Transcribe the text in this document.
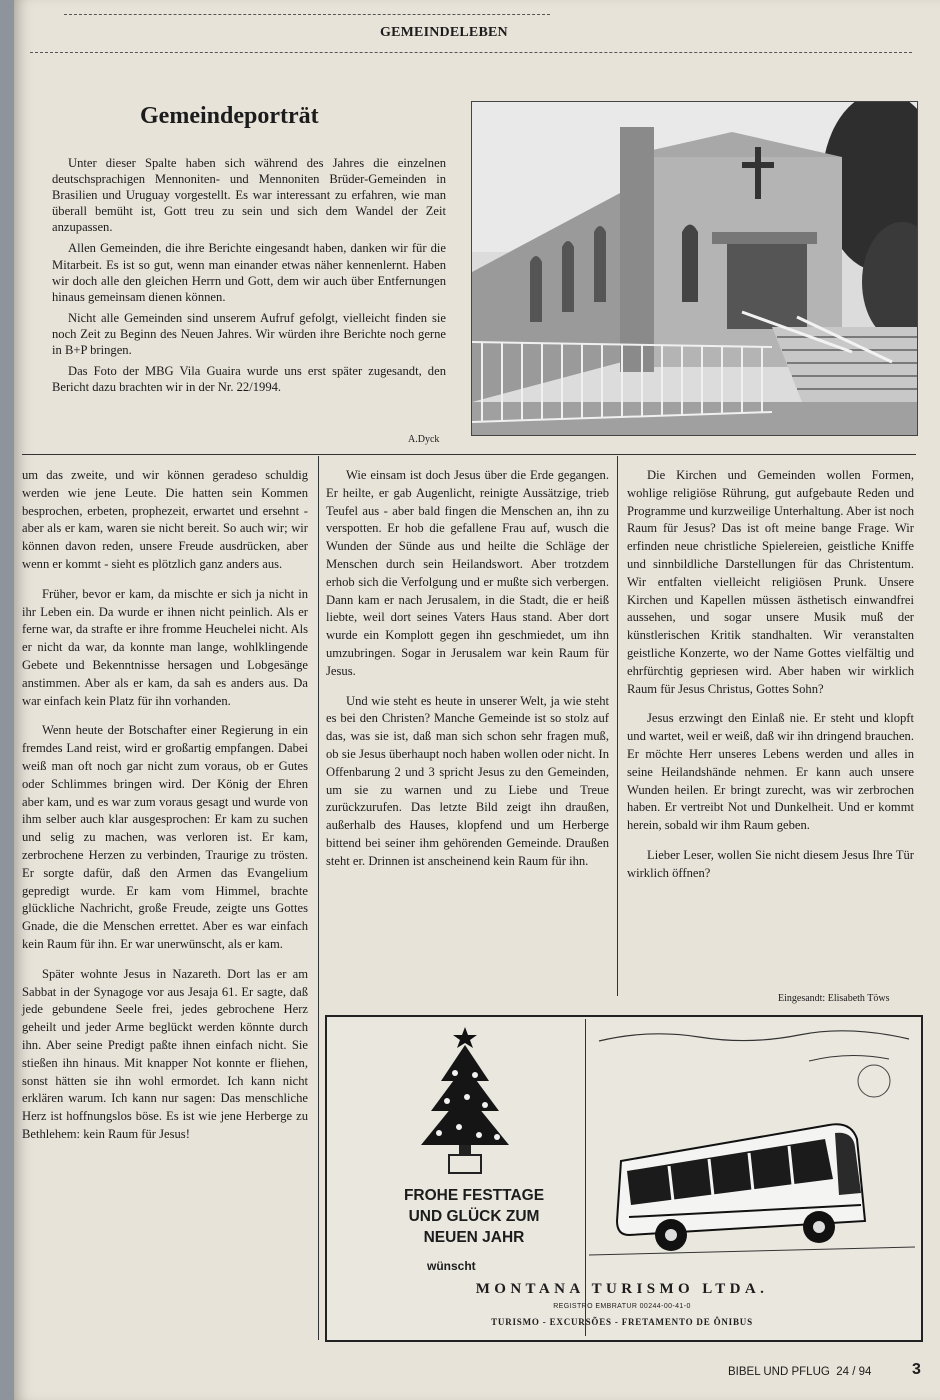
GEMEINDELEBEN
Gemeindeporträt

Unter dieser Spalte haben sich während des Jahres die einzelnen deutschsprachigen Mennoniten- und Mennoniten Brüder-Gemeinden in Brasilien und Uruguay vorgestellt. Es war interessant zu erfahren, wie man überall bemüht ist, Gott treu zu sein und sich dem Wandel der Zeit anzupassen.

Allen Gemeinden, die ihre Berichte eingesandt haben, danken wir für die Mitarbeit. Es ist so gut, wenn man einander etwas näher kennenlernt. Haben wir doch alle den gleichen Herrn und Gott, dem wir auch über Entfernungen hinaus gemeinsam dienen können.

Nicht alle Gemeinden sind unserem Aufruf gefolgt, vielleicht finden sie noch Zeit zu Beginn des Neuen Jahres. Wir würden ihre Berichte noch gerne in B+P bringen.

Das Foto der MBG Vila Guaira wurde uns erst später zugesandt, den Bericht dazu brachten wir in der Nr. 22/1994.

A.Dyck

um das zweite, und wir können geradeso schuldig werden wie jene Leute. Die hatten sein Kommen besprochen, erbeten, prophezeit, erwartet und ersehnt - aber als er kam, waren sie nicht bereit. So auch wir; wir können davon reden, unsere Freude ausdrücken, aber wenn er kommt - sieht es plötzlich ganz anders aus.

Früher, bevor er kam, da mischte er sich ja nicht in ihr Leben ein. Da wurde er ihnen nicht peinlich. Als er ferne war, da strafte er ihre fromme Heuchelei nicht. Als er nicht da war, da konnte man lange, wohlklingende Gebete und Bekenntnisse hersagen und Lobgesänge anstimmen. Aber als er kam, da sah es anders aus. Da war einfach kein Platz für ihn vorhanden.

Wenn heute der Botschafter einer Regierung in ein fremdes Land reist, wird er großartig empfangen. Dabei weiß man oft noch gar nicht zum voraus, ob er Gutes oder Schlimmes bringen wird. Der König der Ehren aber kam, und es war zum voraus gesagt und wurde von ihm selber auch klar ausgesprochen: Er kam zu suchen und selig zu machen, was verloren ist. Er kam, zerbrochene Herzen zu verbinden, Traurige zu trösten. Er sorgte dafür, daß den Armen das Evangelium gepredigt wurde. Er kam vom Himmel, brachte glückliche Nachricht, große Freude, zeigte uns Gottes Gnade, die die Menschen errettet. Aber es war einfach kein Raum für ihn. Er war unerwünscht, als er kam.

Später wohnte Jesus in Nazareth. Dort las er am Sabbat in der Synagoge vor aus Jesaja 61. Er sagte, daß jede gebundene Seele frei, jedes gebrochene Herz geheilt und jeder Arme beglückt werden könnte durch ihn. Aber seine Predigt paßte ihnen einfach nicht. Sie stießen ihn hinaus. Mit knapper Not konnte er fliehen, sonst hätten sie ihn wohl ermordet. Ich kann nicht erklären warum. Ich kann nur sagen: Das menschliche Herz ist hoffnungslos böse. Es ist wie jene Herberge zu Bethlehem: kein Raum für Jesus!

Wie einsam ist doch Jesus über die Erde gegangen. Er heilte, er gab Augenlicht, reinigte Aussätzige, trieb Teufel aus - aber bald fingen die Menschen an, ihn zu verspotten. Er hob die gefallene Frau auf, wusch die Wunden der Sünde aus und heilte die Schläge der Menschen durch sein Heilandswort. Aber trotzdem erhob sich die Verfolgung und er mußte sich verbergen. Dann kam er nach Jerusalem, in die Stadt, die er heiß liebte, weil dort seines Vaters Haus stand. Aber dort wurde ein Komplott gegen ihn geschmiedet, um ihn umzubringen. Sogar in Jerusalem war kein Raum für Jesus.

Und wie steht es heute in unserer Welt, ja wie steht es bei den Christen? Manche Gemeinde ist so stolz auf das, was sie ist, daß man sich schon sehr fragen muß, ob sie Jesus überhaupt noch haben wollen oder nicht. In Offenbarung 2 und 3 spricht Jesus zu den Gemeinden, um sie zu warnen und zu Liebe und Treue zurückzurufen. Das letzte Bild zeigt ihn draußen, außerhalb des Hauses, klopfend und um Herberge bittend bei seiner ihm gehörenden Gemeinde. Draußen steht er. Drinnen ist anscheinend kein Raum für ihn.

Die Kirchen und Gemeinden wollen Formen, wohlige religiöse Rührung, gut aufgebaute Reden und Programme und kurzweilige Unterhaltung. Aber ist noch Raum für Jesus? Das ist oft meine bange Frage. Wir erfinden neue christliche Spielereien, geistliche Kniffe und sinnbildliche Darstellungen für das Christentum. Wir entfalten vielleicht religiösen Prunk. Unsere Kirchen und Kapellen müssen ästhetisch einwandfrei aussehen, und sogar unsere Musik muß der künstlerischen Kritik standhalten. Wir veranstalten geistliche Konzerte, wo der Name Gottes vielfältig und ehrfürchtig gepriesen wird. Aber haben wir wirklich Raum für Jesus Christus, Gottes Sohn?

Jesus erzwingt den Einlaß nie. Er steht und klopft und wartet, weil er weiß, daß wir ihn dringend brauchen. Er möchte Herr unseres Lebens werden und alles in seine Heilandshände nehmen. Er kann auch unsere Wunden heilen. Er bringt zurecht, was wir zerbrochen haben. Er vertreibt Not und Dunkelheit. Und er kommt herein, sobald wir ihm Raum geben.

Lieber Leser, wollen Sie nicht diesem Jesus Ihre Tür wirklich öffnen?

Eingesandt: Elisabeth Töws
FROHE FESTTAGE
UND GLÜCK ZUM
NEUEN JAHR
wünscht
MONTANA TURISMO LTDA.
REGISTRO EMBRATUR 00244-00-41-0
TURISMO - EXCURSÕES - FRETAMENTO DE ÔNIBUS
BIBEL UND PFLUG 24 / 94	3
